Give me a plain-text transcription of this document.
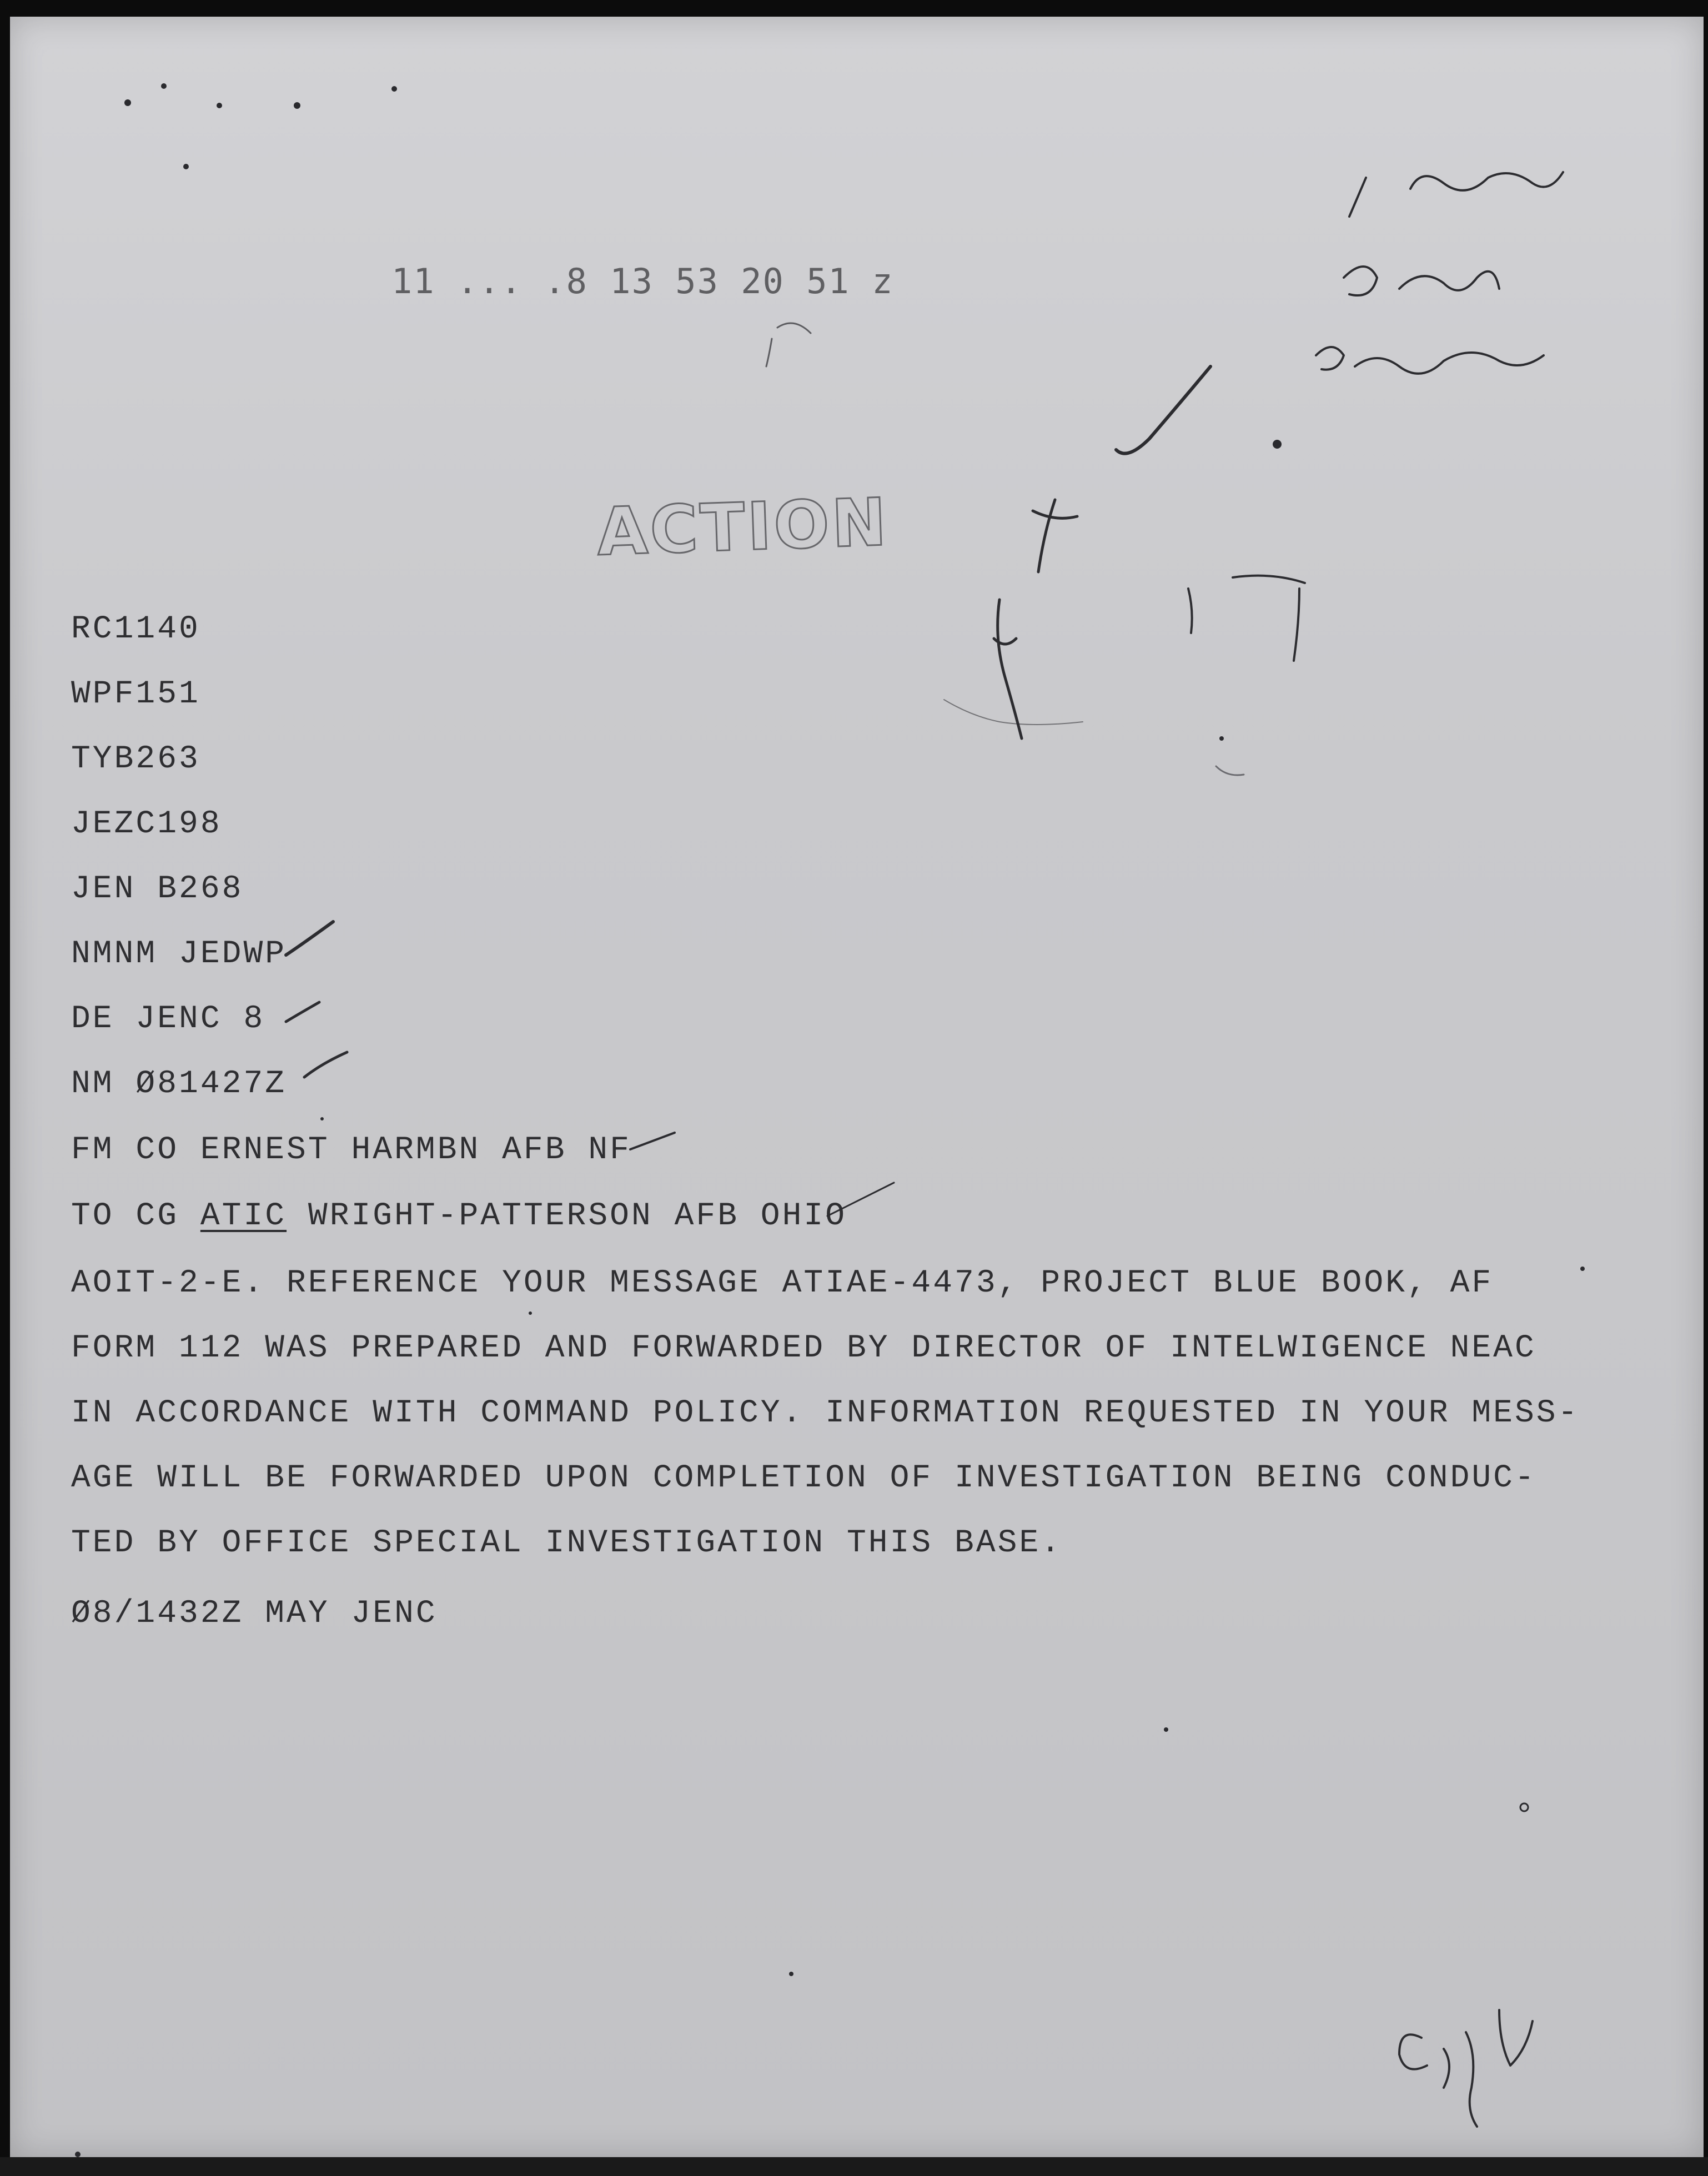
11 ... .8 13 53 20 51 z
ACTION
RC1140
WPF151
TYB263
JEZC198
JEN B268
NMNM JEDWP
DE JENC 8
NM Ø81427Z
FM CO ERNEST HARMBN AFB NF
TO CG ATIC WRIGHT-PATTERSON AFB OHIO
AOIT-2-E. REFERENCE YOUR MESSAGE ATIAE-4473, PROJECT BLUE BOOK, AF
FORM 112 WAS PREPARED AND FORWARDED BY DIRECTOR OF INTELWIGENCE NEAC
IN ACCORDANCE WITH COMMAND POLICY. INFORMATION REQUESTED IN YOUR MESS-
AGE WILL BE FORWARDED UPON COMPLETION OF INVESTIGATION BEING CONDUC-
TED BY OFFICE SPECIAL INVESTIGATION THIS BASE.
Ø8/1432Z MAY JENC
